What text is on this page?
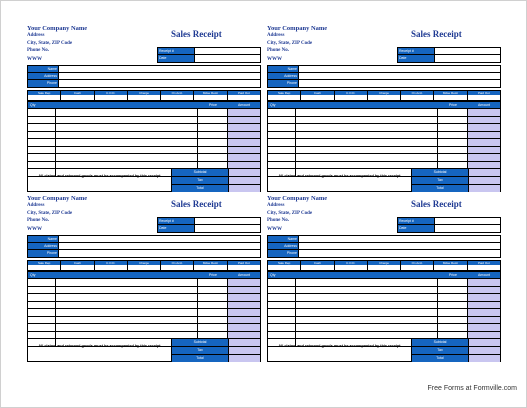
Your Company Name
Address
City, State, ZIP Code
Phone No.
WWW
Sales Receipt
Receipt #
Date
Name
Address
Phone
Sale Rep	Cash	C.O.D.	Charge	On Acct.	Mdse Retd.	Paid Out
Qty	Price	Amount
All claims and returned goods must be accompanied by this receipt
Subtotal
Tax
Total
Your Company Name
Address
City, State, ZIP Code
Phone No.
WWW
Sales Receipt
Receipt #
Date
Name
Address
Phone
Sale Rep	Cash	C.O.D.	Charge	On Acct.	Mdse Retd.	Paid Out
Qty	Price	Amount
All claims and returned goods must be accompanied by this receipt
Subtotal
Tax
Total
Your Company Name
Address
City, State, ZIP Code
Phone No.
WWW
Sales Receipt
Receipt #
Date
Name
Address
Phone
Sale Rep	Cash	C.O.D.	Charge	On Acct.	Mdse Retd.	Paid Out
Qty	Price	Amount
All claims and returned goods must be accompanied by this receipt
Subtotal
Tax
Total
Your Company Name
Address
City, State, ZIP Code
Phone No.
WWW
Sales Receipt
Receipt #
Date
Name
Address
Phone
Sale Rep	Cash	C.O.D.	Charge	On Acct.	Mdse Retd.	Paid Out
Qty	Price	Amount
All claims and returned goods must be accompanied by this receipt
Subtotal
Tax
Total
Free Forms at Formville.com
